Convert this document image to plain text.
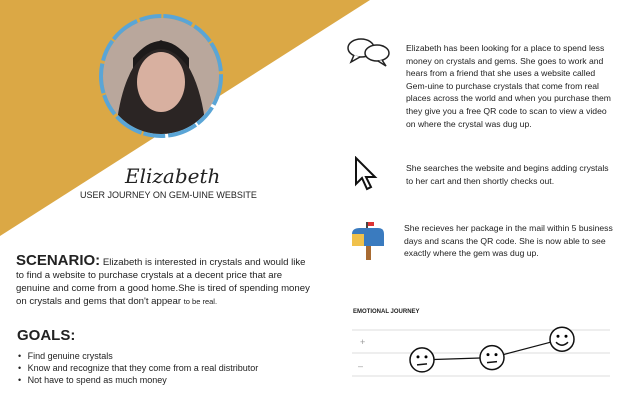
Elizabeth
USER JOURNEY ON GEM-UINE WEBSITE
SCENARIO: Elizabeth is interested in crystals and would like to find a website to purchase crystals at a decent price that are genuine and come from a good home.She is tired of spending money on crystals and gems that don't appear to be real.
GOALS:
• Find genuine crystals
• Know and recognize that they come from a real distributor
• Not have to spend as much money
Elizabeth has been looking for a place to spend less money on crystals and gems. She goes to work and hears from a friend that she uses a website called Gem-uine to purchase crystals that come from real places across the world and when you purchase them they give you a free QR code to scan to view a video on where the crystal was dug up.
She searches the website and begins adding crystals to her cart and then shortly checks out.
She recieves her package in the mail within 5 business days and scans the QR code. She is now able to see exactly where the gem was dug up.
EMOTIONAL JOURNEY
+
–
